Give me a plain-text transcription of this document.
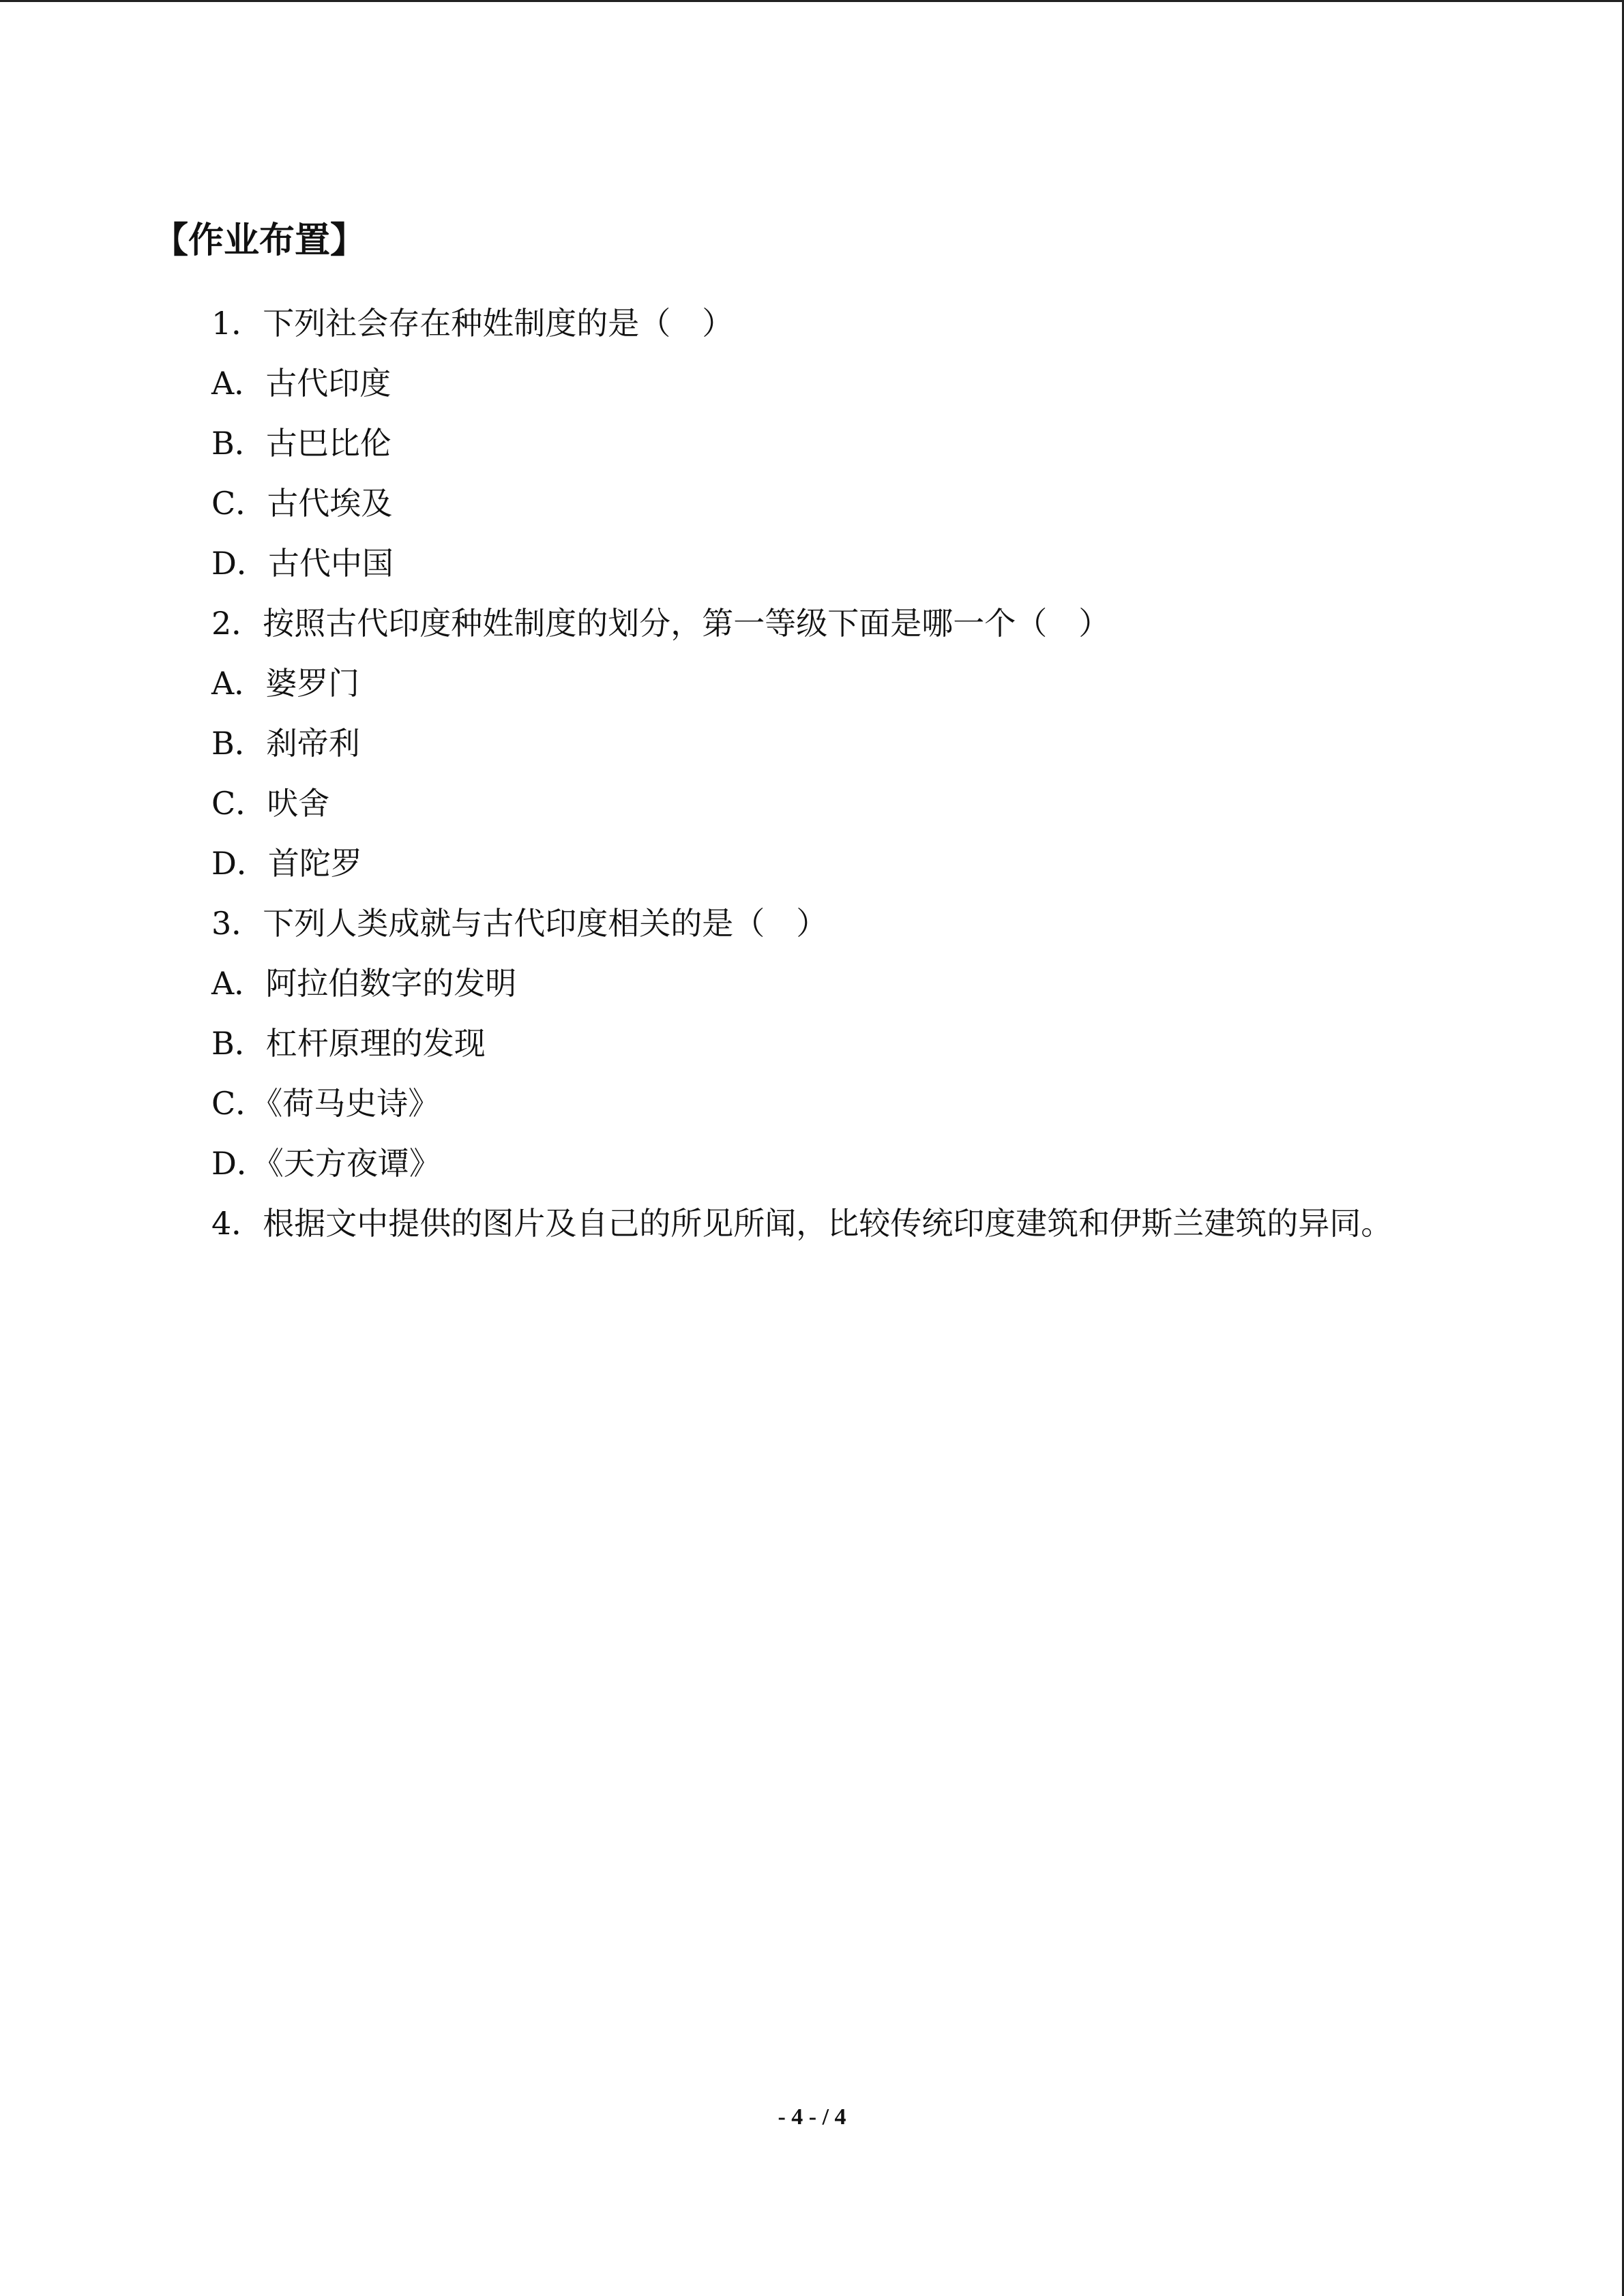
【作业布置】
1．下列社会存在种姓制度的是（　）
A．古代印度
B．古巴比伦
C．古代埃及
D．古代中国
2．按照古代印度种姓制度的划分，第一等级下面是哪一个（　）
A．婆罗门
B．刹帝利
C．吠舍
D．首陀罗
3．下列人类成就与古代印度相关的是（　）
A．阿拉伯数字的发明
B．杠杆原理的发现
C．《荷马史诗》
D．《天方夜谭》
4．根据文中提供的图片及自己的所见所闻，比较传统印度建筑和伊斯兰建筑的异同。
- 4 - / 4
